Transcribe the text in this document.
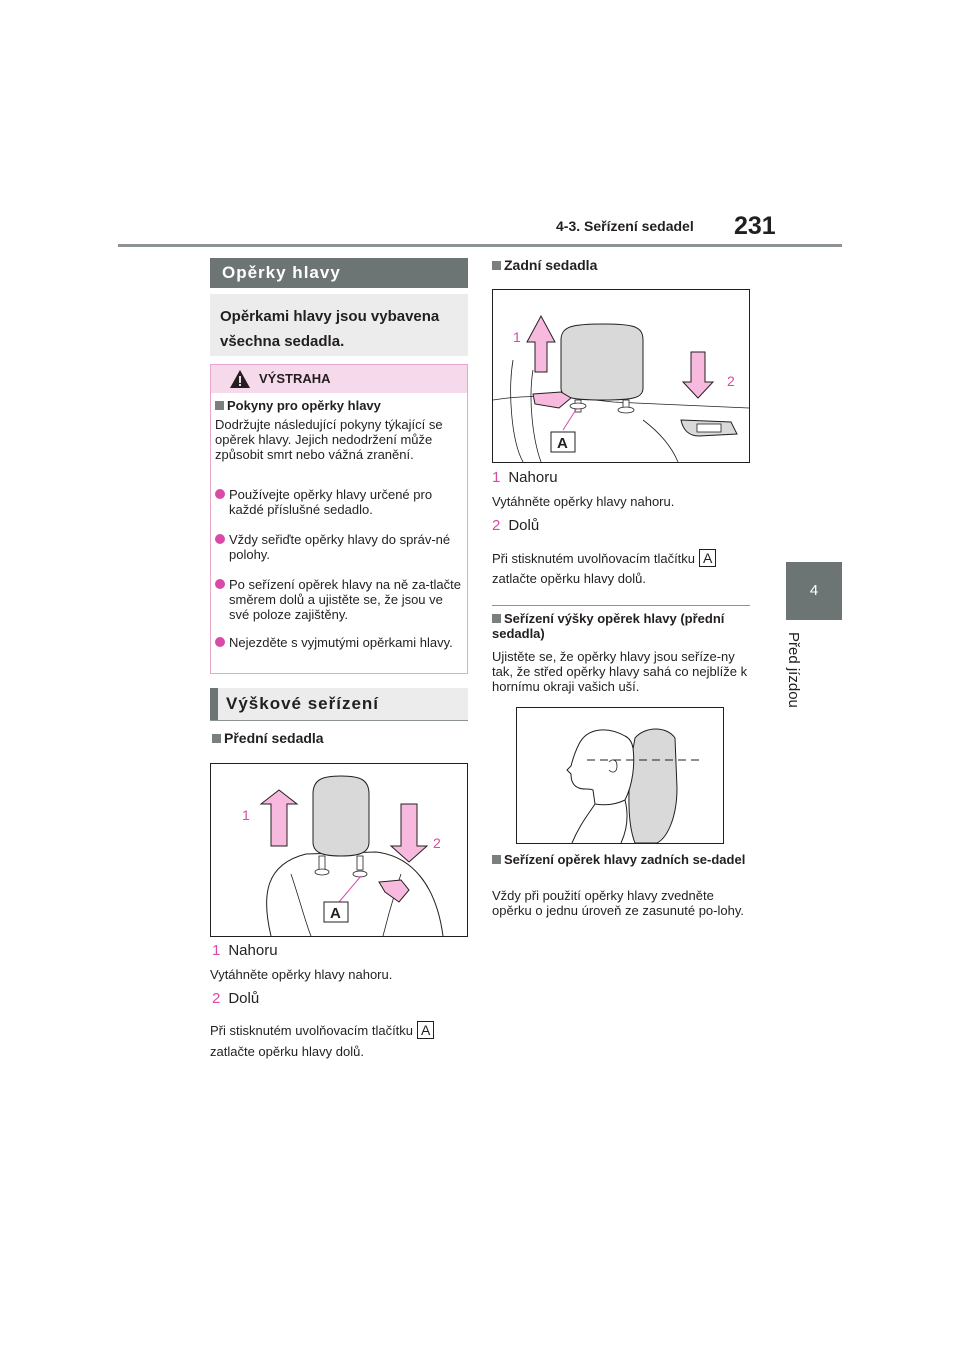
4-3. Seřízení sedadel 231
4
Před jízdou
Opěrky hlavy
Opěrkami hlavy jsou vybavena všechna sedadla.
VÝSTRAHA
Pokyny pro opěrky hlavy
Dodržujte následující pokyny týkající se opěrek hlavy. Jejich nedodržení může způsobit smrt nebo vážná zranění.
Používejte opěrky hlavy určené pro každé příslušné sedadlo.
Vždy seřiďte opěrky hlavy do správ-né polohy.
Po seřízení opěrek hlavy na ně za-tlačte směrem dolů a ujistěte se, že jsou ve své poloze zajištěny.
Nejezděte s vyjmutými opěrkami hlavy.
Výškové seřízení
Přední sedadla
1
2
A
1 Nahoru
Vytáhněte opěrky hlavy nahoru.
2 Dolů
Při stisknutém uvolňovacím tlačítku A
zatlačte opěrku hlavy dolů.
Zadní sedadla
1
2
A
1 Nahoru
Vytáhněte opěrky hlavy nahoru.
2 Dolů
Při stisknutém uvolňovacím tlačítku A
zatlačte opěrku hlavy dolů.
Seřízení výšky opěrek hlavy (přední sedadla)
Ujistěte se, že opěrky hlavy jsou seříze-ny tak, že střed opěrky hlavy sahá co nejblíže k hornímu okraji vašich uší.
Seřízení opěrek hlavy zadních se-dadel
Vždy při použití opěrky hlavy zvedněte opěrku o jednu úroveň ze zasunuté po-lohy.
